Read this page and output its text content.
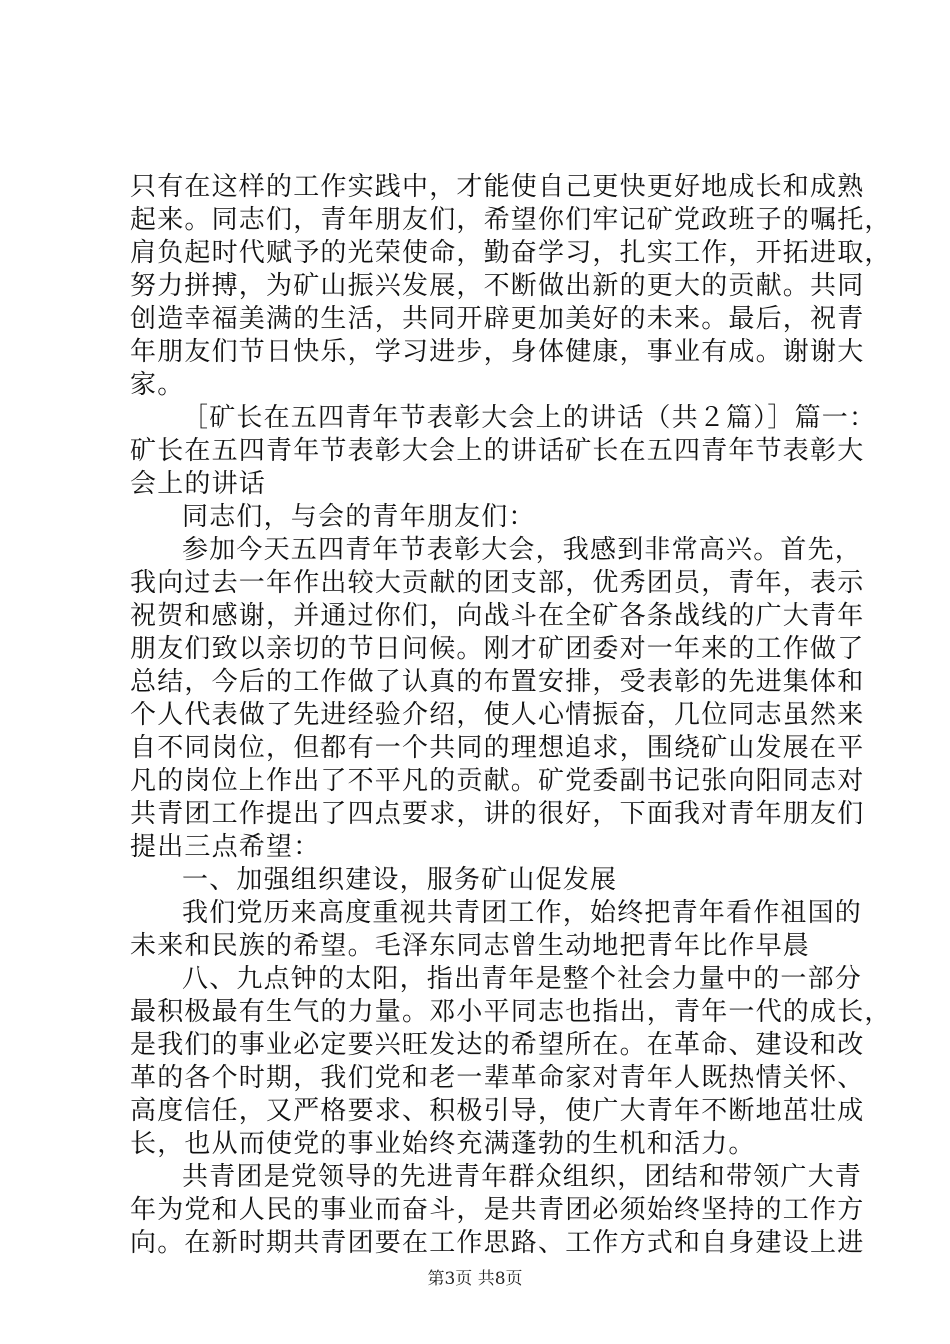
只有在这样的工作实践中，才能使自己更快更好地成长和成熟
起来。同志们，青年朋友们，希望你们牢记矿党政班子的嘱托，
肩负起时代赋予的光荣使命，勤奋学习，扎实工作，开拓进取，
努力拼搏，为矿山振兴发展，不断做出新的更大的贡献。共同
创造幸福美满的生活，共同开辟更加美好的未来。最后，祝青
年朋友们节日快乐，学习进步，身体健康，事业有成。谢谢大
家。
［矿长在五四青年节表彰大会上的讲话（共２篇）］篇一：
矿长在五四青年节表彰大会上的讲话矿长在五四青年节表彰大
会上的讲话
同志们，与会的青年朋友们：
参加今天五四青年节表彰大会，我感到非常高兴。首先，
我向过去一年作出较大贡献的团支部，优秀团员，青年，表示
祝贺和感谢，并通过你们，向战斗在全矿各条战线的广大青年
朋友们致以亲切的节日问候。刚才矿团委对一年来的工作做了
总结，今后的工作做了认真的布置安排，受表彰的先进集体和
个人代表做了先进经验介绍，使人心情振奋，几位同志虽然来
自不同岗位，但都有一个共同的理想追求，围绕矿山发展在平
凡的岗位上作出了不平凡的贡献。矿党委副书记张向阳同志对
共青团工作提出了四点要求，讲的很好，下面我对青年朋友们
提出三点希望：
一、加强组织建设，服务矿山促发展
我们党历来高度重视共青团工作，始终把青年看作祖国的
未来和民族的希望。毛泽东同志曾生动地把青年比作早晨
八、九点钟的太阳，指出青年是整个社会力量中的一部分
最积极最有生气的力量。邓小平同志也指出，青年一代的成长，
是我们的事业必定要兴旺发达的希望所在。在革命、建设和改
革的各个时期，我们党和老一辈革命家对青年人既热情关怀、
高度信任，又严格要求、积极引导，使广大青年不断地茁壮成
长，也从而使党的事业始终充满蓬勃的生机和活力。
共青团是党领导的先进青年群众组织，团结和带领广大青
年为党和人民的事业而奋斗，是共青团必须始终坚持的工作方
向。在新时期共青团要在工作思路、工作方式和自身建设上进
第3页 共8页
